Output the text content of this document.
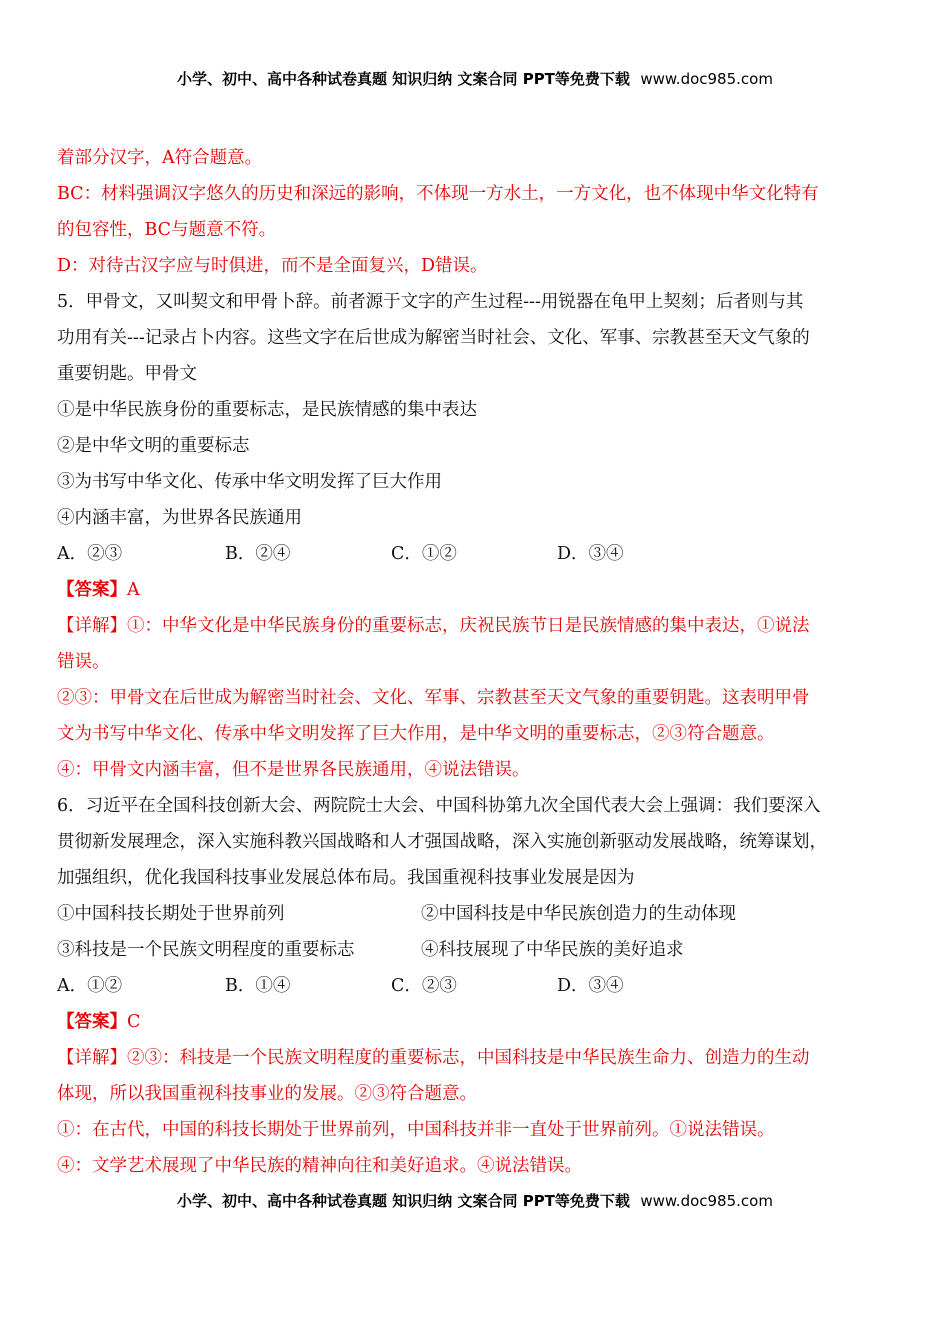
小学、初中、高中各种试卷真题 知识归纳 文案合同 PPT等免费下载 www.doc985.com
着部分汉字，A符合题意。
BC：材料强调汉字悠久的历史和深远的影响，不体现一方水土，一方文化，也不体现中华文化特有
的包容性，BC与题意不符。
D：对待古汉字应与时俱进，而不是全面复兴，D错误。
5．甲骨文，又叫契文和甲骨卜辞。前者源于文字的产生过程---用锐器在龟甲上契刻；后者则与其
功用有关---记录占卜内容。这些文字在后世成为解密当时社会、文化、军事、宗教甚至天文气象的
重要钥匙。甲骨文
①是中华民族身份的重要标志，是民族情感的集中表达
②是中华文明的重要标志
③为书写中华文化、传承中华文明发挥了巨大作用
④内涵丰富，为世界各民族通用
A．②③	B．②④	C．①②	D．③④
【答案】A
【详解】①：中华文化是中华民族身份的重要标志，庆祝民族节日是民族情感的集中表达，①说法
错误。
②③：甲骨文在后世成为解密当时社会、文化、军事、宗教甚至天文气象的重要钥匙。这表明甲骨
文为书写中华文化、传承中华文明发挥了巨大作用，是中华文明的重要标志，②③符合题意。
④：甲骨文内涵丰富，但不是世界各民族通用，④说法错误。
6．习近平在全国科技创新大会、两院院士大会、中国科协第九次全国代表大会上强调：我们要深入
贯彻新发展理念，深入实施科教兴国战略和人才强国战略，深入实施创新驱动发展战略，统筹谋划，
加强组织，优化我国科技事业发展总体布局。我国重视科技事业发展是因为
①中国科技长期处于世界前列	②中国科技是中华民族创造力的生动体现
③科技是一个民族文明程度的重要标志	④科技展现了中华民族的美好追求
A．①②	B．①④	C．②③	D．③④
【答案】C
【详解】②③：科技是一个民族文明程度的重要标志，中国科技是中华民族生命力、创造力的生动
体现，所以我国重视科技事业的发展。②③符合题意。
①：在古代，中国的科技长期处于世界前列，中国科技并非一直处于世界前列。①说法错误。
④：文学艺术展现了中华民族的精神向往和美好追求。④说法错误。
小学、初中、高中各种试卷真题 知识归纳 文案合同 PPT等免费下载 www.doc985.com
